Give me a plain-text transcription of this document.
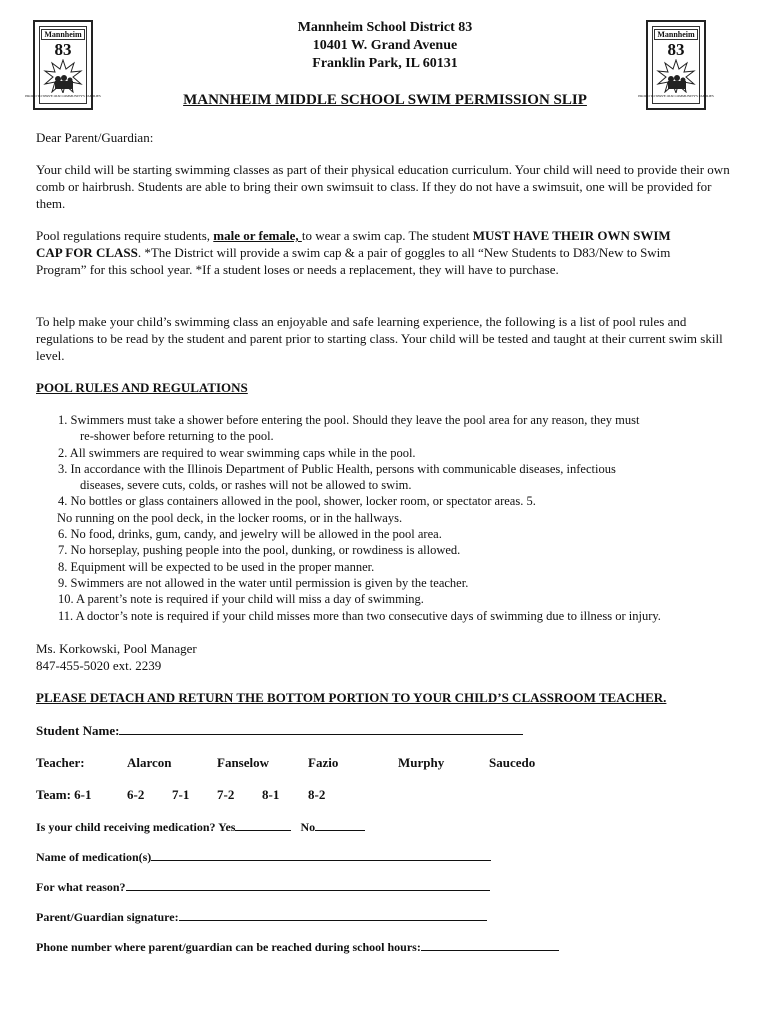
Mannheim
83
PROUD TO SERVE OUR COMMUNITY'S FAMILIES
Mannheim
83
PROUD TO SERVE OUR COMMUNITY'S FAMILIES
Mannheim School District 83
10401 W. Grand Avenue
Franklin Park, IL 60131
MANNHEIM MIDDLE SCHOOL SWIM PERMISSION SLIP
Dear Parent/Guardian:
Your child will be starting swimming classes as part of their physical education curriculum. Your child will need to provide their own comb or hairbrush. Students are able to bring their own swimsuit to class. If they do not have a swimsuit, one will be provided for them.
Pool regulations require students, male or female, to wear a swim cap. The student MUST HAVE THEIR OWN SWIM CAP FOR CLASS. *The District will provide a swim cap & a pair of goggles to all “New Students to D83/New to Swim Program” for this school year. *If a student loses or needs a replacement, they will have to purchase.
To help make your child’s swimming class an enjoyable and safe learning experience, the following is a list of pool rules and regulations to be read by the student and parent prior to starting class. Your child will be tested and taught at their current swim skill level.
POOL RULES AND REGULATIONS
1. Swimmers must take a shower before entering the pool. Should they leave the pool area for any reason, they must
re-shower before returning to the pool.
2. All swimmers are required to wear swimming caps while in the pool.
3. In accordance with the Illinois Department of Public Health, persons with communicable diseases, infectious
diseases, severe cuts, colds, or rashes will not be allowed to swim.
4. No bottles or glass containers allowed in the pool, shower, locker room, or spectator areas. 5.
No running on the pool deck, in the locker rooms, or in the hallways.
6. No food, drinks, gum, candy, and jewelry will be allowed in the pool area.
7. No horseplay, pushing people into the pool, dunking, or rowdiness is allowed.
8. Equipment will be expected to be used in the proper manner.
9. Swimmers are not allowed in the water until permission is given by the teacher.
10. A parent’s note is required if your child will miss a day of swimming.
11. A doctor’s note is required if your child misses more than two consecutive days of swimming due to illness or injury.
Ms. Korkowski, Pool Manager
847-455-5020 ext. 2239
PLEASE DETACH AND RETURN THE BOTTOM PORTION TO YOUR CHILD’S CLASSROOM TEACHER.
Student Name:
Teacher:	Alarcon	Fanselow	Fazio	Murphy	Saucedo
Team: 6-1	6-2 7-1 7-2 8-1 8-2
Is your child receiving medication? Yes	No
Name of medication(s)
For what reason?
Parent/Guardian signature:
Phone number where parent/guardian can be reached during school hours:
